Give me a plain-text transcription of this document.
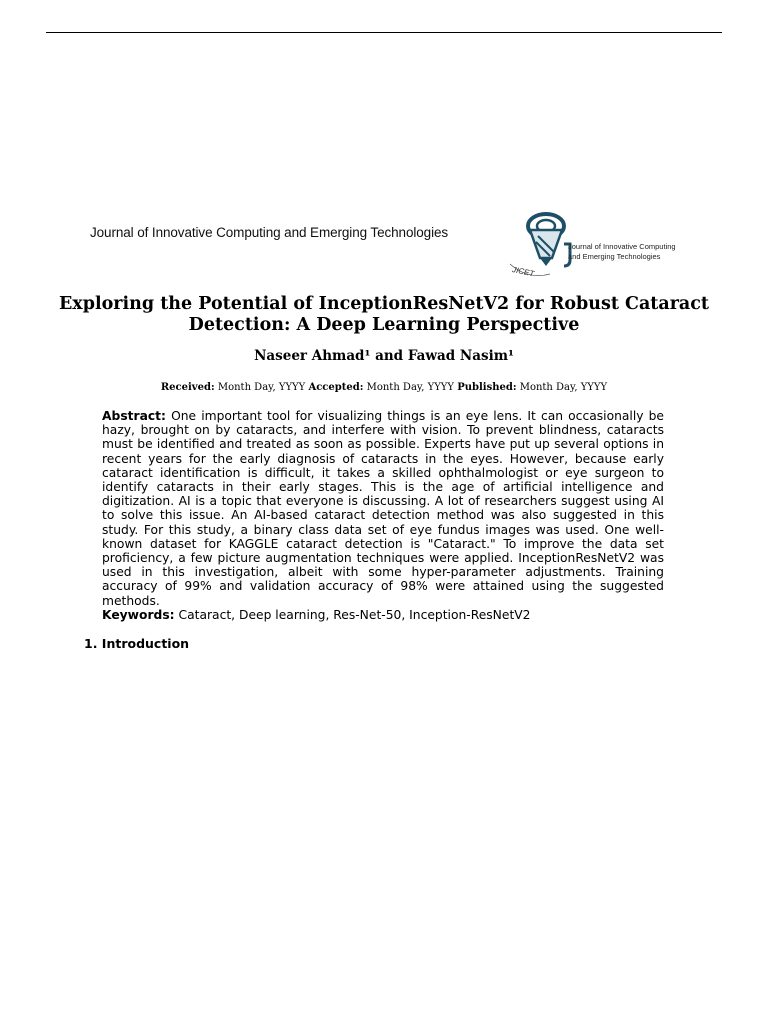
Journal of Innovative Computing and Emerging Technologies
JICET
Journal of Innovative Computing
and Emerging Technologies
Exploring the Potential of InceptionResNetV2 for Robust Cataract Detection: A Deep Learning Perspective
Naseer Ahmad¹ and Fawad Nasim¹
Received: Month Day, YYYY Accepted: Month Day, YYYY Published: Month Day, YYYY
Abstract: One important tool for visualizing things is an eye lens. It can occasionally be hazy, brought on by cataracts, and interfere with vision. To prevent blindness, cataracts must be identified and treated as soon as possible. Experts have put up several options in recent years for the early diagnosis of cataracts in the eyes. However, because early cataract identification is difficult, it takes a skilled ophthalmologist or eye surgeon to identify cataracts in their early stages. This is the age of artificial intelligence and digitization. AI is a topic that everyone is discussing. A lot of researchers suggest using AI to solve this issue. An AI-based cataract detection method was also suggested in this study. For this study, a binary class data set of eye fundus images was used. One well-known dataset for KAGGLE cataract detection is "Cataract." To improve the data set proficiency, a few picture augmentation techniques were applied. InceptionResNetV2 was used in this investigation, albeit with some hyper-parameter adjustments. Training accuracy of 99% and validation accuracy of 98% were attained using the suggested methods.
Keywords: Cataract, Deep learning, Res-Net-50, Inception-ResNetV2
1. Introduction
